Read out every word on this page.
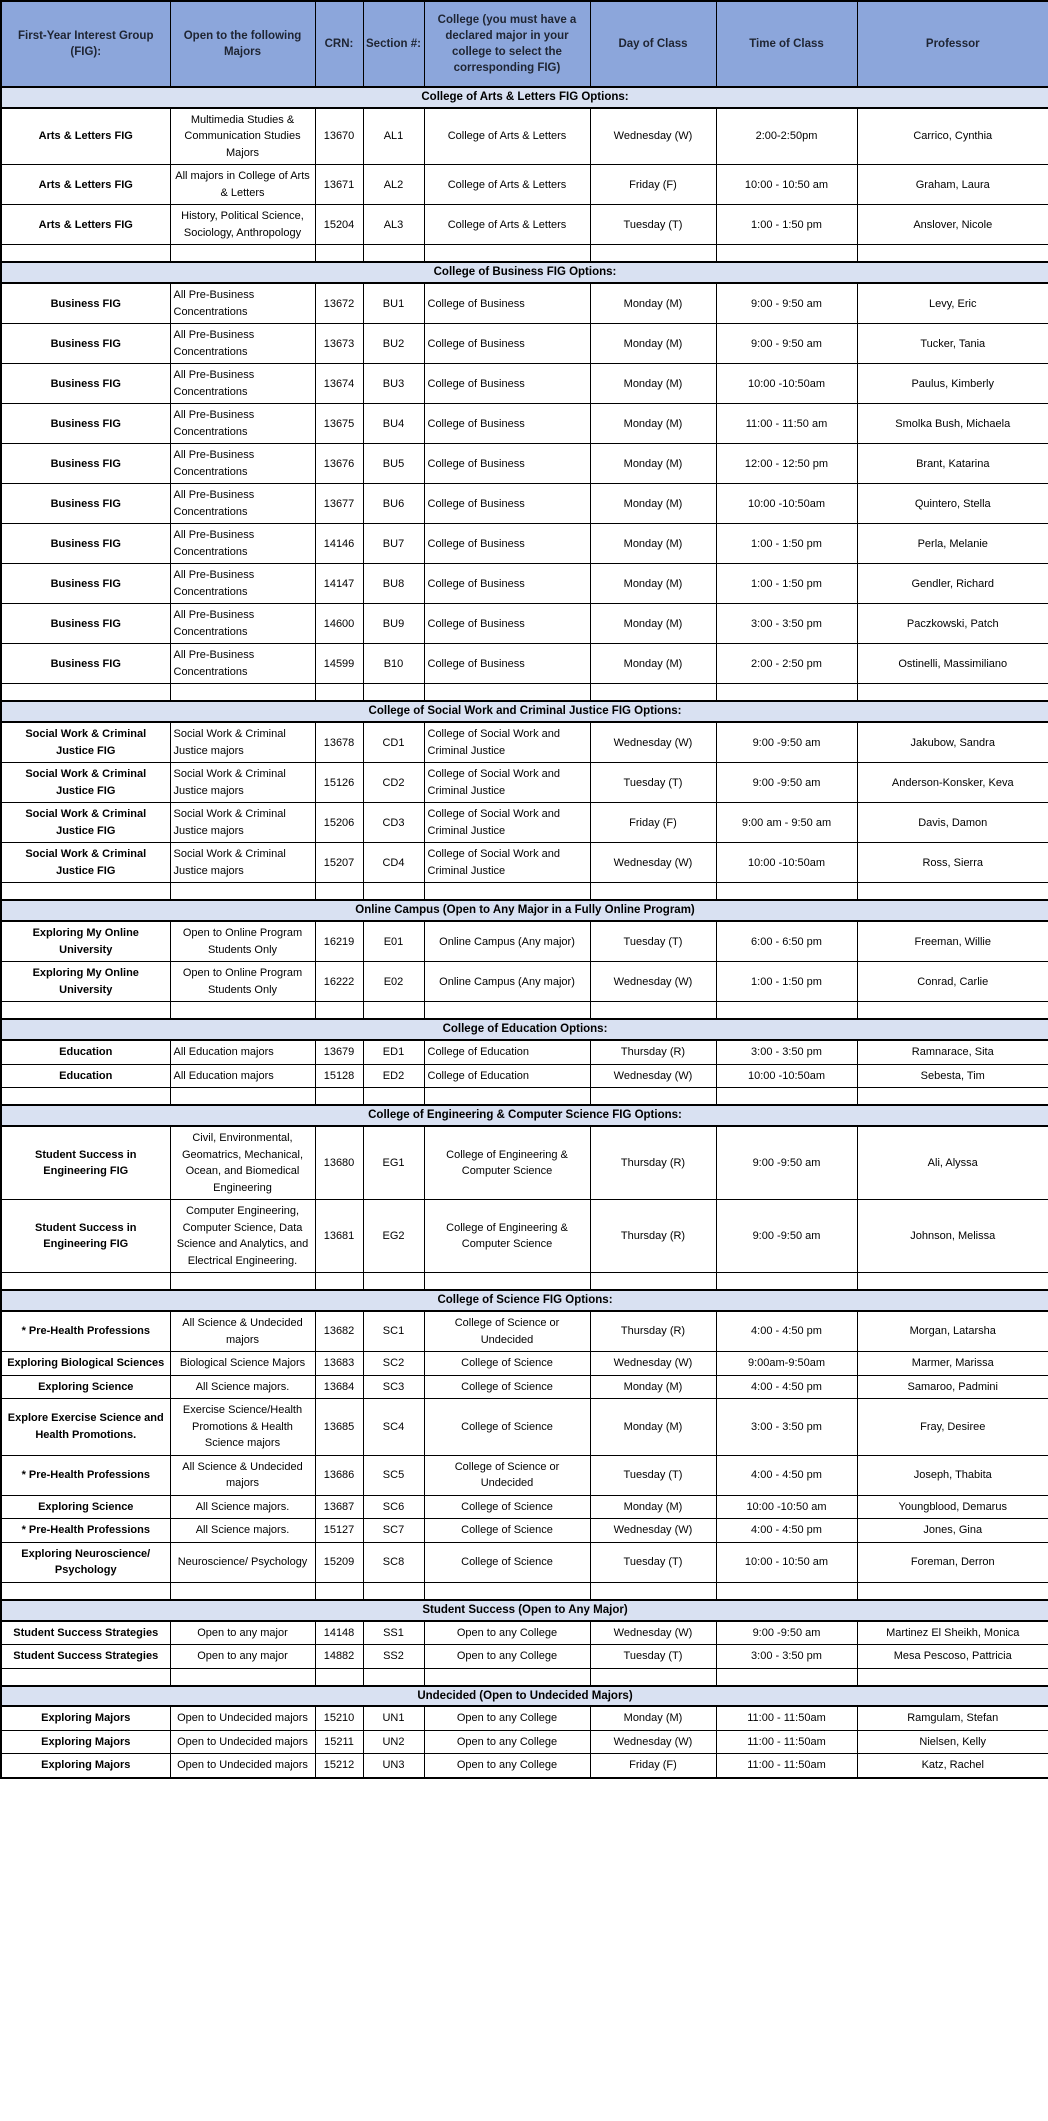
First-Year Interest Group (FIG):	Open to the following Majors	CRN:	Section #:	College (you must have a declared major in your college to select the corresponding FIG)	Day of Class	Time of Class	Professor
College of Arts & Letters FIG Options:							
Arts & Letters FIG	Multimedia Studies & Communication Studies Majors	13670	AL1	College of Arts & Letters	Wednesday (W)	2:00-2:50pm	Carrico, Cynthia
Arts & Letters FIG	All majors in College of Arts & Letters	13671	AL2	College of Arts & Letters	Friday (F)	10:00 - 10:50 am	Graham, Laura
Arts & Letters FIG	History, Political Science, Sociology, Anthropology	15204	AL3	College of Arts & Letters	Tuesday (T)	1:00 - 1:50 pm	Anslover, Nicole

College of Business FIG Options:							
Business FIG	All Pre-Business Concentrations	13672	BU1	College of Business	Monday (M)	9:00 - 9:50 am	Levy, Eric
Business FIG	All Pre-Business Concentrations	13673	BU2	College of Business	Monday (M)	9:00 - 9:50 am	Tucker, Tania
Business FIG	All Pre-Business Concentrations	13674	BU3	College of Business	Monday (M)	10:00 -10:50am	Paulus, Kimberly
Business FIG	All Pre-Business Concentrations	13675	BU4	College of Business	Monday (M)	11:00 - 11:50 am	Smolka Bush, Michaela
Business FIG	All Pre-Business Concentrations	13676	BU5	College of Business	Monday (M)	12:00 - 12:50 pm	Brant, Katarina
Business FIG	All Pre-Business Concentrations	13677	BU6	College of Business	Monday (M)	10:00 -10:50am	Quintero, Stella
Business FIG	All Pre-Business Concentrations	14146	BU7	College of Business	Monday (M)	1:00 - 1:50 pm	Perla, Melanie
Business FIG	All Pre-Business Concentrations	14147	BU8	College of Business	Monday (M)	1:00 - 1:50 pm	Gendler, Richard
Business FIG	All Pre-Business Concentrations	14600	BU9	College of Business	Monday (M)	3:00 - 3:50 pm	Paczkowski, Patch
Business FIG	All Pre-Business Concentrations	14599	B10	College of Business	Monday (M)	2:00 - 2:50 pm	Ostinelli, Massimiliano

College of Social Work and Criminal Justice FIG Options:							
Social Work & Criminal Justice FIG	Social Work & Criminal Justice majors	13678	CD1	College of Social Work and Criminal Justice	Wednesday (W)	9:00 -9:50 am	Jakubow, Sandra
Social Work & Criminal Justice FIG	Social Work & Criminal Justice majors	15126	CD2	College of Social Work and Criminal Justice	Tuesday (T)	9:00 -9:50 am	Anderson-Konsker, Keva
Social Work & Criminal Justice FIG	Social Work & Criminal Justice majors	15206	CD3	College of Social Work and Criminal Justice	Friday (F)	9:00 am - 9:50 am	Davis, Damon
Social Work & Criminal Justice FIG	Social Work & Criminal Justice majors	15207	CD4	College of Social Work and Criminal Justice	Wednesday (W)	10:00 -10:50am	Ross, Sierra

Online Campus (Open to Any Major in a Fully Online Program)							
Exploring My Online University	Open to Online Program Students Only	16219	E01	Online Campus (Any major)	Tuesday (T)	6:00 - 6:50 pm	Freeman, Willie
Exploring My Online University	Open to Online Program Students Only	16222	E02	Online Campus (Any major)	Wednesday (W)	1:00 - 1:50 pm	Conrad, Carlie

College of Education Options:							
Education	All Education majors	13679	ED1	College of Education	Thursday (R)	3:00 - 3:50 pm	Ramnarace, Sita
Education	All Education majors	15128	ED2	College of Education	Wednesday (W)	10:00 -10:50am	Sebesta, Tim

College of Engineering & Computer Science FIG Options:							
Student Success in Engineering FIG	Civil, Environmental, Geomatrics, Mechanical, Ocean, and Biomedical Engineering	13680	EG1	College of Engineering & Computer Science	Thursday (R)	9:00 -9:50 am	Ali, Alyssa
Student Success in Engineering FIG	Computer Engineering, Computer Science, Data Science and Analytics, and Electrical Engineering.	13681	EG2	College of Engineering & Computer Science	Thursday (R)	9:00 -9:50 am	Johnson, Melissa

College of Science FIG Options:							
* Pre-Health Professions	All Science & Undecided majors	13682	SC1	College of Science or Undecided	Thursday (R)	4:00 - 4:50 pm	Morgan, Latarsha
Exploring Biological Sciences	Biological Science Majors	13683	SC2	College of Science	Wednesday (W)	9:00am-9:50am	Marmer, Marissa
Exploring Science	All Science majors.	13684	SC3	College of Science	Monday (M)	4:00 - 4:50 pm	Samaroo, Padmini
Explore Exercise Science and Health Promotions.	Exercise Science/Health Promotions & Health Science majors	13685	SC4	College of Science	Monday (M)	3:00 - 3:50 pm	Fray, Desiree
* Pre-Health Professions	All Science & Undecided majors	13686	SC5	College of Science or Undecided	Tuesday (T)	4:00 - 4:50 pm	Joseph, Thabita
Exploring Science	All Science majors.	13687	SC6	College of Science	Monday (M)	10:00 -10:50 am	Youngblood, Demarus
* Pre-Health Professions	All Science majors.	15127	SC7	College of Science	Wednesday (W)	4:00 - 4:50 pm	Jones, Gina
Exploring Neuroscience/ Psychology	Neuroscience/ Psychology	15209	SC8	College of Science	Tuesday (T)	10:00 - 10:50 am	Foreman, Derron

Student Success (Open to Any Major)							
Student Success Strategies	Open to any major	14148	SS1	Open to any College	Wednesday (W)	9:00 -9:50 am	Martinez El Sheikh, Monica
Student Success Strategies	Open to any major	14882	SS2	Open to any College	Tuesday (T)	3:00 - 3:50 pm	Mesa Pescoso, Pattricia

Undecided (Open to Undecided Majors)							
Exploring Majors	Open to Undecided majors	15210	UN1	Open to any College	Monday (M)	11:00 - 11:50am	Ramgulam, Stefan
Exploring Majors	Open to Undecided majors	15211	UN2	Open to any College	Wednesday (W)	11:00 - 11:50am	Nielsen, Kelly
Exploring Majors	Open to Undecided majors	15212	UN3	Open to any College	Friday (F)	11:00 - 11:50am	Katz, Rachel
